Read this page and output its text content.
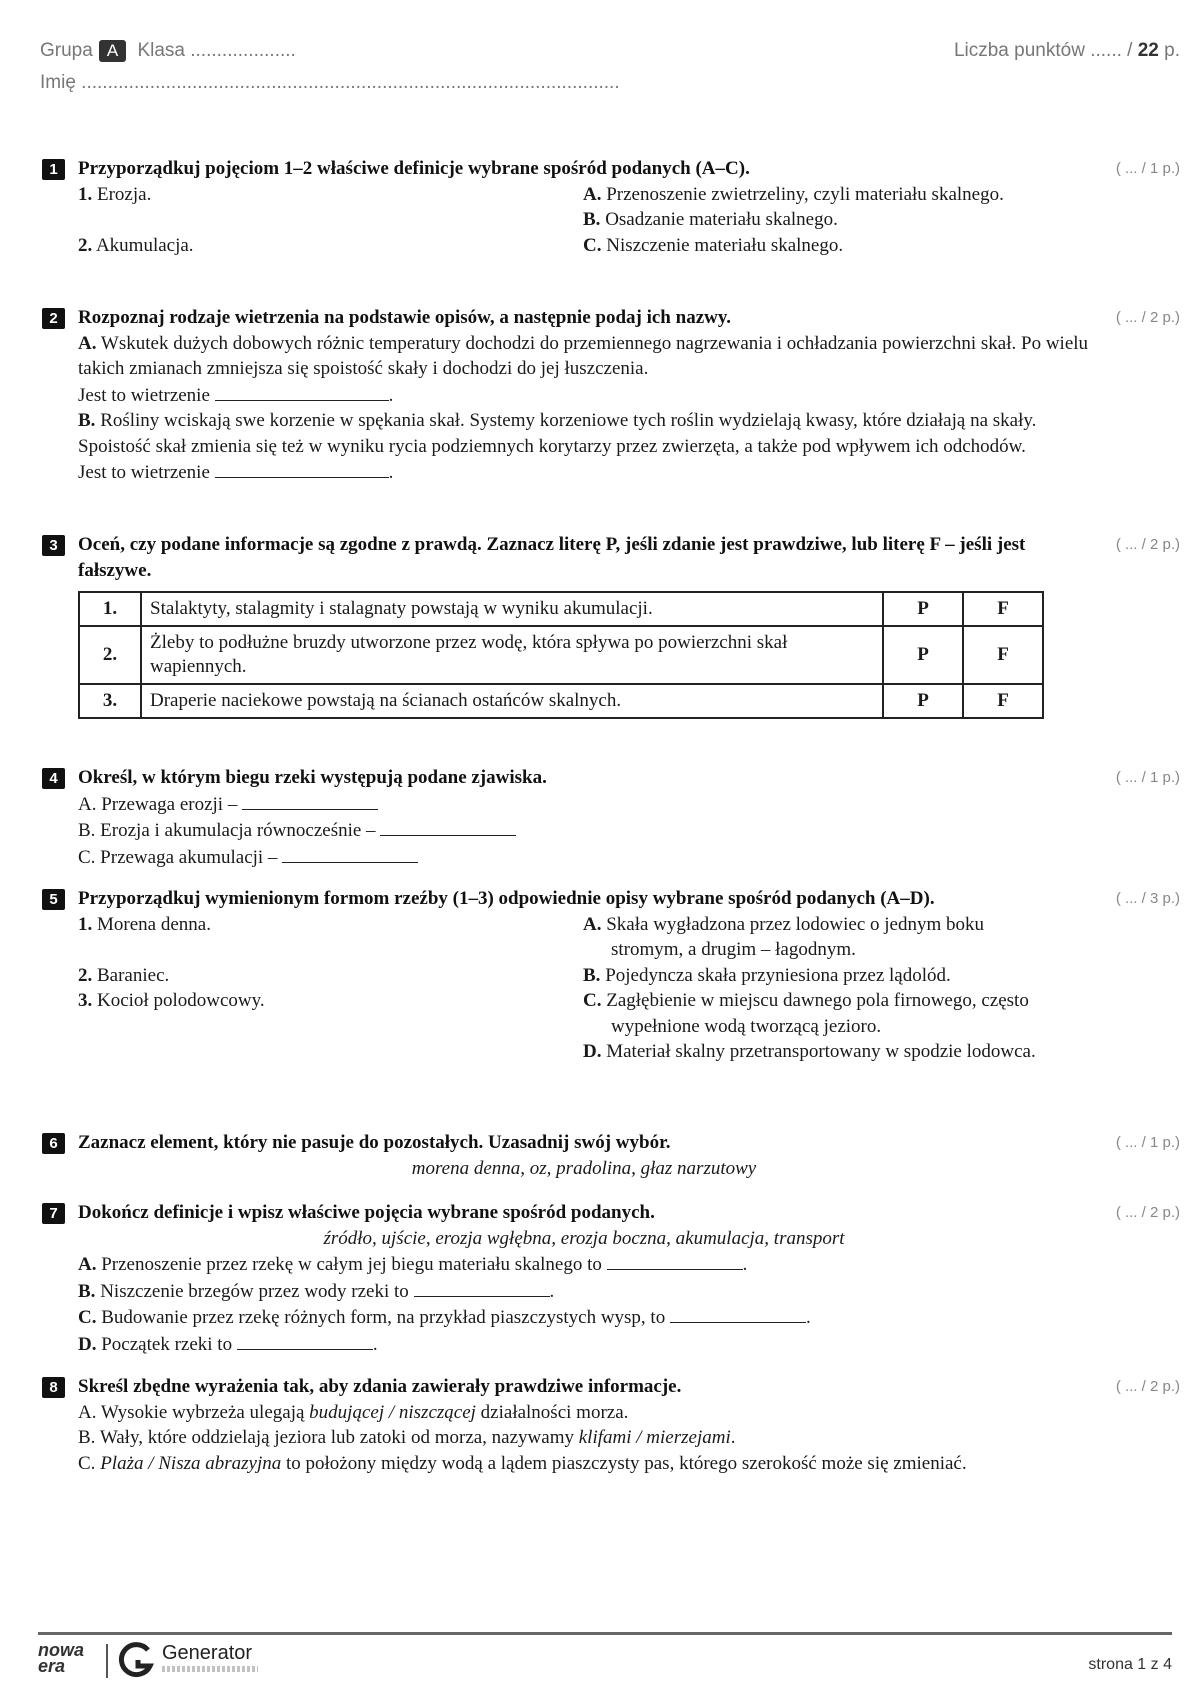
Grupa A Klasa ....................	Liczba punktów ...... / 22 p.
Imię ......................................................................................................
1	Przyporządkuj pojęciom 1–2 właściwe definicje wybrane spośród podanych (A–C).	( ... / 1 p.)
1. Erozja.
2. Akumulacja.
A. Przenoszenie zwietrzeliny, czyli materiału skalnego.
B. Osadzanie materiału skalnego.
C. Niszczenie materiału skalnego.
2	Rozpoznaj rodzaje wietrzenia na podstawie opisów, a następnie podaj ich nazwy.	( ... / 2 p.)
A. Wskutek dużych dobowych różnic temperatury dochodzi do przemiennego nagrzewania i ochładzania powierzchni skał. Po wielu takich zmianach zmniejsza się spoistość skały i dochodzi do jej łuszczenia.
Jest to wietrzenie	.
B. Rośliny wciskają swe korzenie w spękania skał. Systemy korzeniowe tych roślin wydzielają kwasy, które działają na skały. Spoistość skał zmienia się też w wyniku rycia podziemnych korytarzy przez zwierzęta, a także pod wpływem ich odchodów.
Jest to wietrzenie	.
3	Oceń, czy podane informacje są zgodne z prawdą. Zaznacz literę P, jeśli zdanie jest prawdziwe, lub literę F – jeśli jest fałszywe.
( ... / 2 p.)
1.	Stalaktyty, stalagmity i stalagnaty powstają w wyniku akumulacji.	P	F
2.	Żleby to podłużne bruzdy utworzone przez wodę, która spływa po powierzchni skał wapiennych.	P	F
3.	Draperie naciekowe powstają na ścianach ostańców skalnych.	P	F
4	Określ, w którym biegu rzeki występują podane zjawiska.	( ... / 1 p.)
A. Przewaga erozji –
B. Erozja i akumulacja równocześnie –
C. Przewaga akumulacji –
5	Przyporządkuj wymienionym formom rzeźby (1–3) odpowiednie opisy wybrane spośród podanych (A–D).	( ... / 3 p.)
1. Morena denna.
2. Baraniec.
3. Kocioł polodowcowy.
A. Skała wygładzona przez lodowiec o jednym boku stromym, a drugim – łagodnym.
B. Pojedyncza skała przyniesiona przez lądolód.
C. Zagłębienie w miejscu dawnego pola firnowego, często wypełnione wodą tworzącą jezioro.
D. Materiał skalny przetransportowany w spodzie lodowca.
6	Zaznacz element, który nie pasuje do pozostałych. Uzasadnij swój wybór.	( ... / 1 p.)
morena denna, oz, pradolina, głaz narzutowy
7	Dokończ definicje i wpisz właściwe pojęcia wybrane spośród podanych.	( ... / 2 p.)
źródło, ujście, erozja wgłębna, erozja boczna, akumulacja, transport
A. Przenoszenie przez rzekę w całym jej biegu materiału skalnego to	.
B. Niszczenie brzegów przez wody rzeki to	.
C. Budowanie przez rzekę różnych form, na przykład piaszczystych wysp, to	.
D. Początek rzeki to	.
8	Skreśl zbędne wyrażenia tak, aby zdania zawierały prawdziwe informacje.	( ... / 2 p.)
A. Wysokie wybrzeża ulegają budującej / niszczącej działalności morza.
B. Wały, które oddzielają jeziora lub zatoki od morza, nazywamy klifami / mierzejami.
C. Plaża / Nisza abrazyjna to położony między wodą a lądem piaszczysty pas, którego szerokość może się zmieniać.
nowa
era
Generator
strona 1 z 4
